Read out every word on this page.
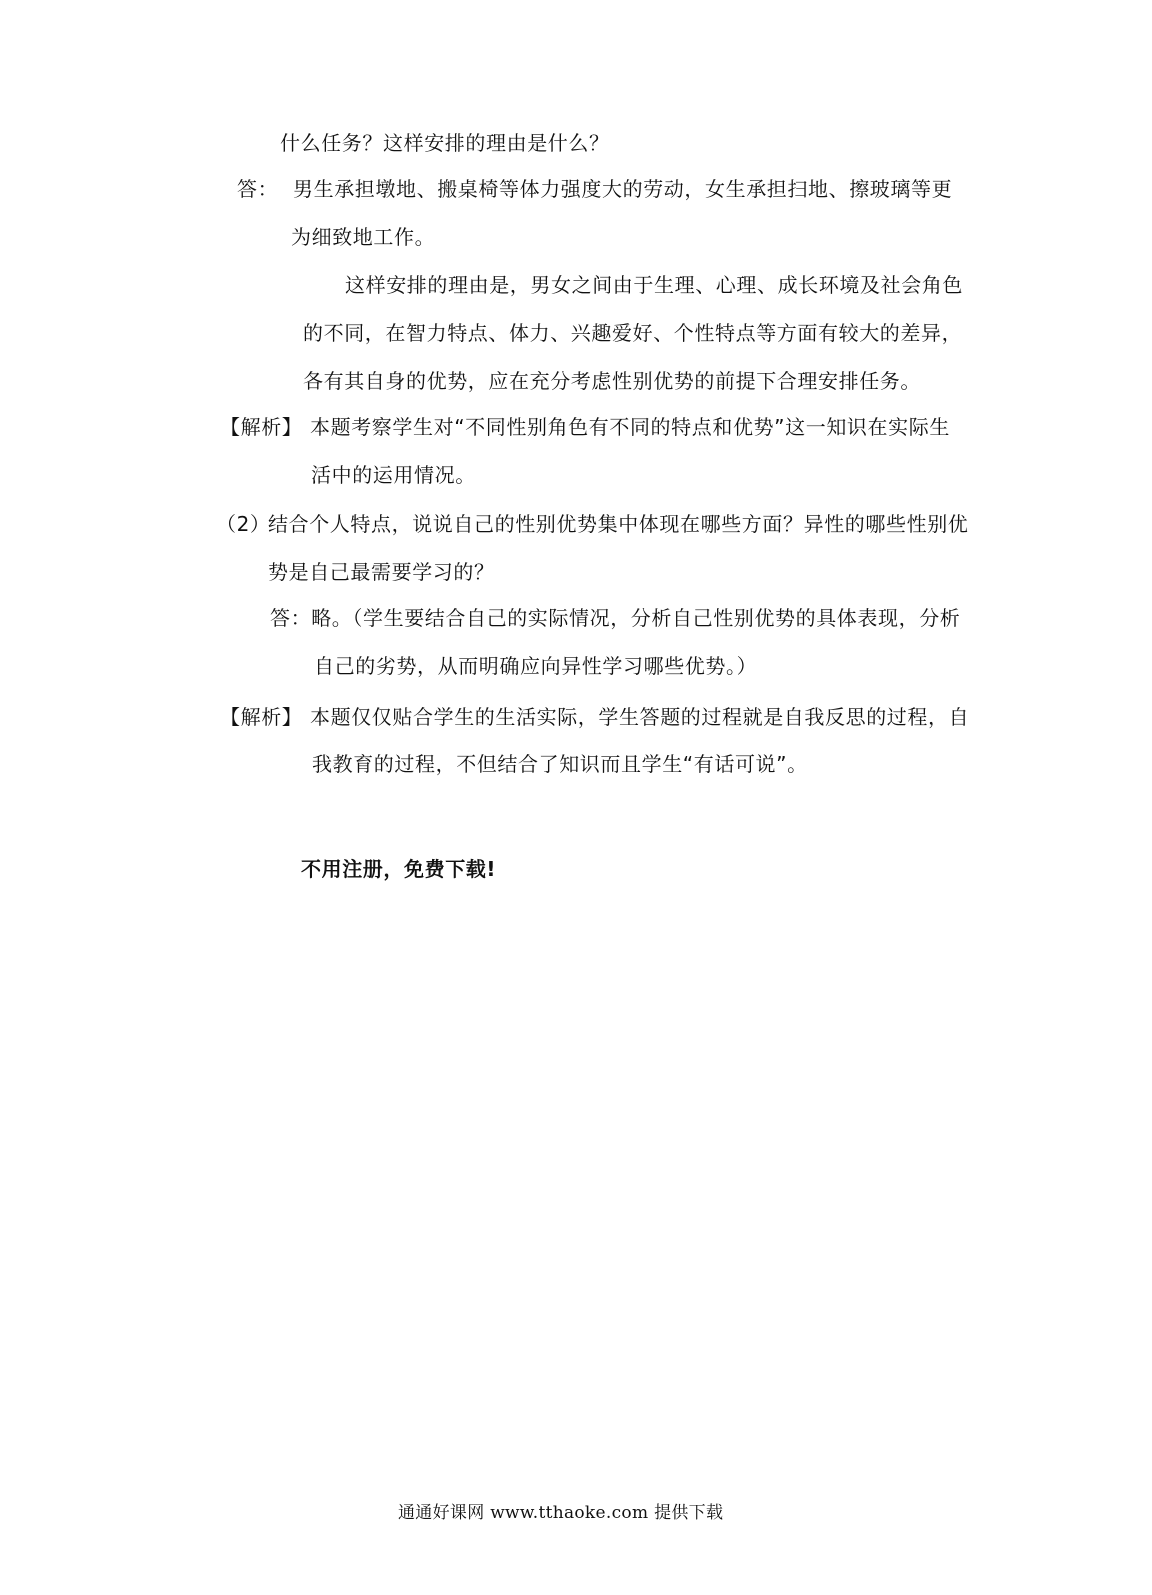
什么任务？这样安排的理由是什么？
答： 男生承担墩地、搬桌椅等体力强度大的劳动，女生承担扫地、擦玻璃等更
为细致地工作。
这样安排的理由是，男女之间由于生理、心理、成长环境及社会角色
的不同，在智力特点、体力、兴趣爱好、个性特点等方面有较大的差异，
各有其自身的优势，应在充分考虑性别优势的前提下合理安排任务。
【解析】 本题考察学生对“不同性别角色有不同的特点和优势”这一知识在实际生
活中的运用情况。
（2）结合个人特点，说说自己的性别优势集中体现在哪些方面？异性的哪些性别优
势是自己最需要学习的？
答：略。（学生要结合自己的实际情况，分析自己性别优势的具体表现，分析
自己的劣势，从而明确应向异性学习哪些优势。）
【解析】 本题仅仅贴合学生的生活实际，学生答题的过程就是自我反思的过程，自
我教育的过程，不但结合了知识而且学生“有话可说”。
不用注册，免费下载!
通通好课网 www.tthaoke.com 提供下载
